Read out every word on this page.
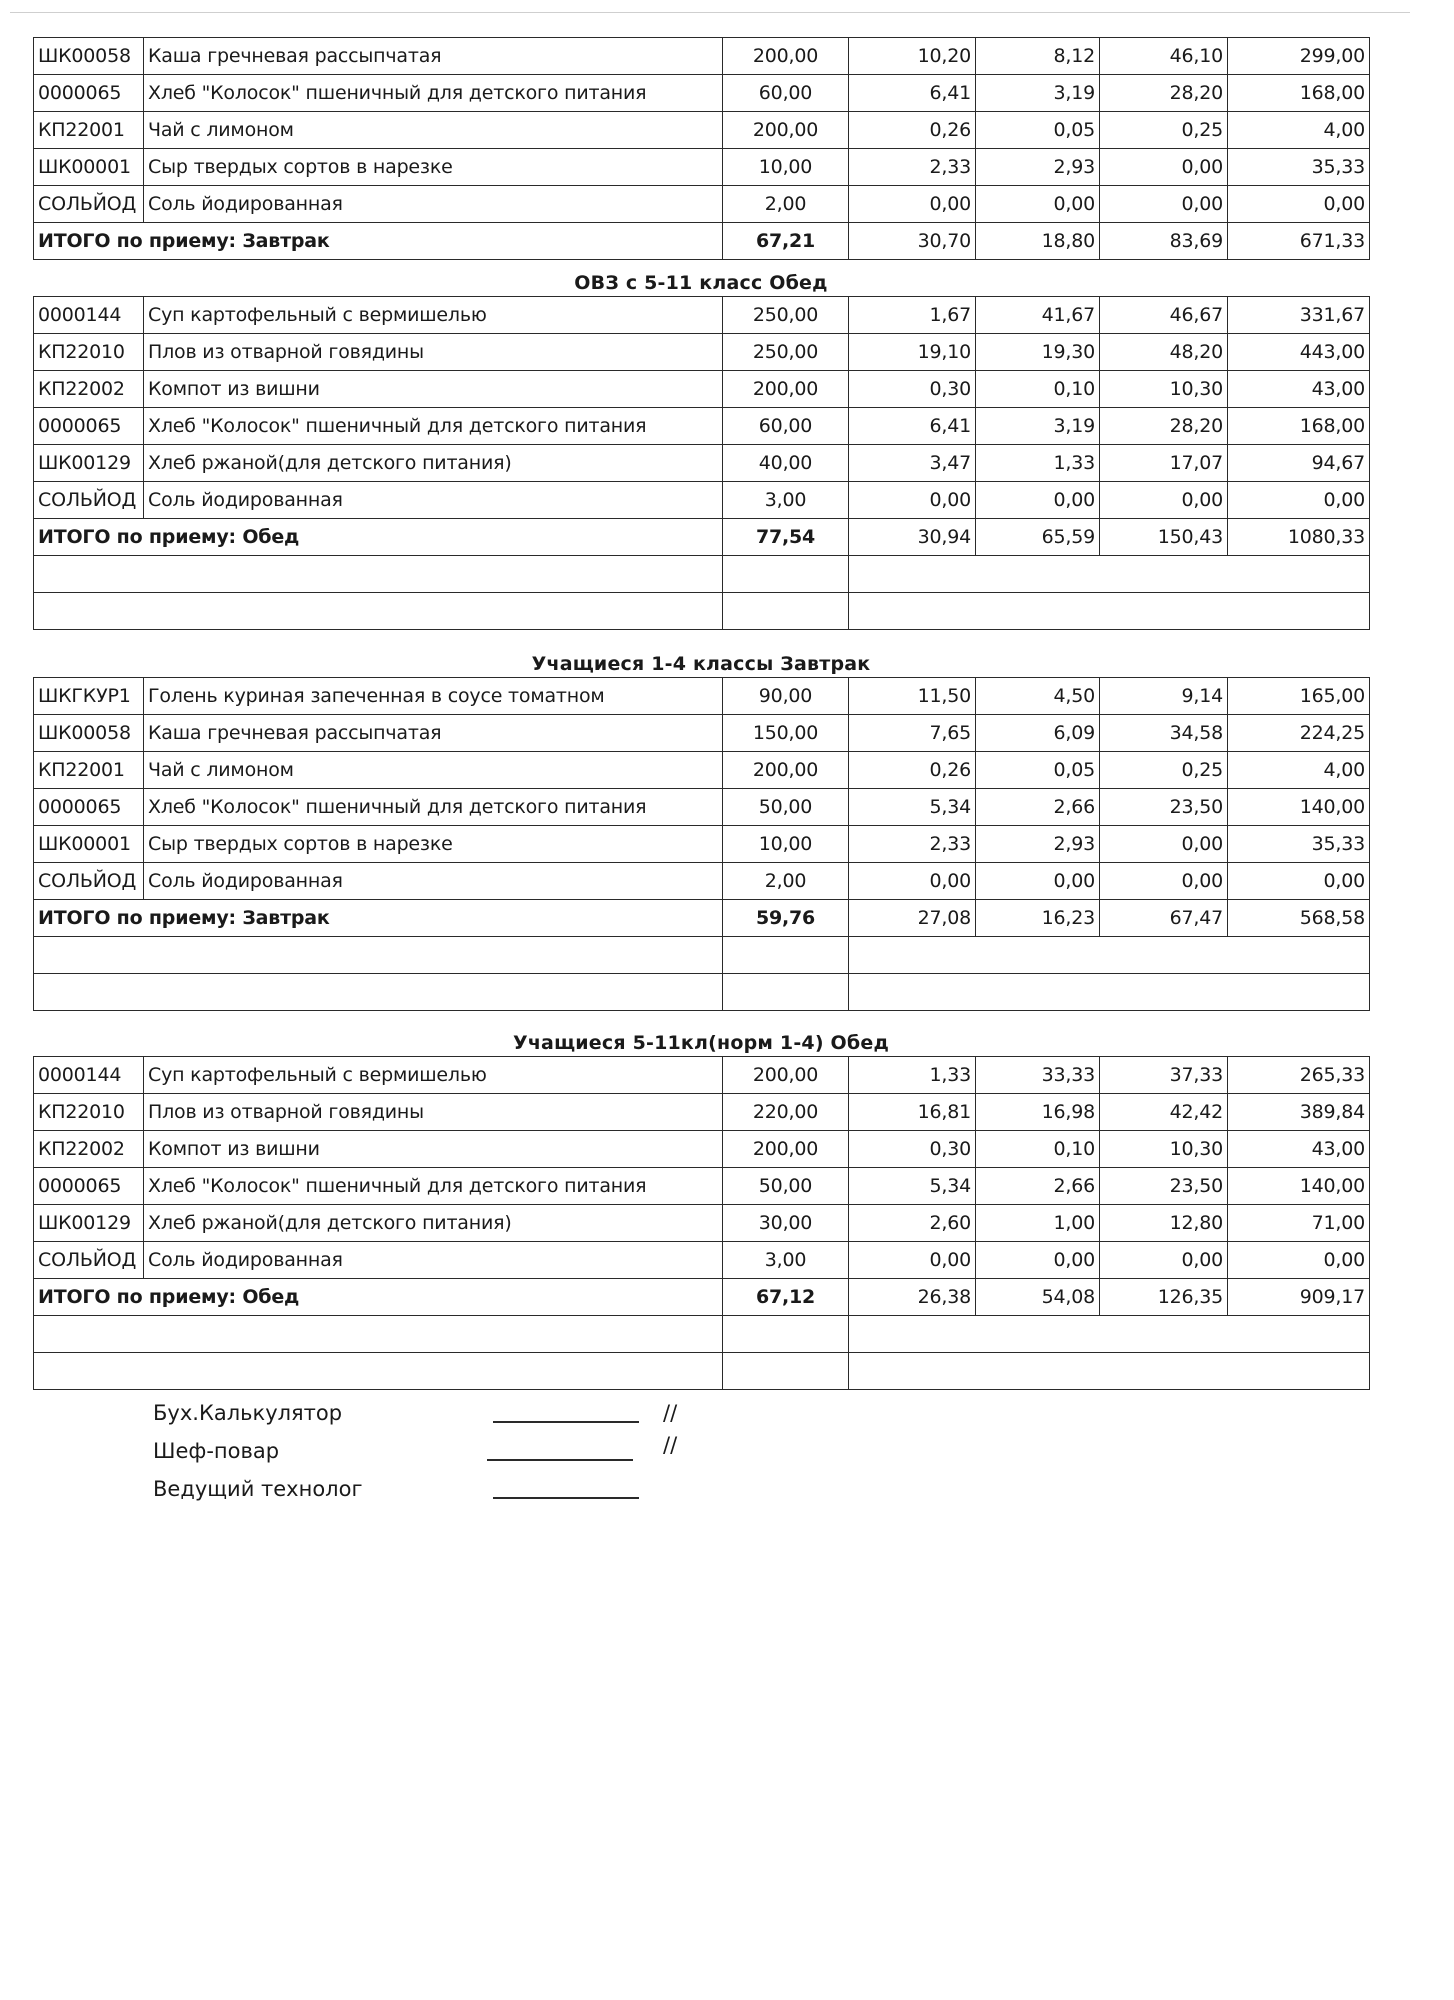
ШК00058	Каша гречневая рассыпчатая	200,00	10,20	8,12	46,10	299,00
0000065	Хлеб "Колосок" пшеничный для детского питания	60,00	6,41	3,19	28,20	168,00
КП22001	Чай с лимоном	200,00	0,26	0,05	0,25	4,00
ШК00001	Сыр твердых сортов в нарезке	10,00	2,33	2,93	0,00	35,33
СОЛЬЙОД	Соль йодированная	2,00	0,00	0,00	0,00	0,00
ИТОГО по приему: Завтрак		67,21	30,70	18,80	83,69	671,33
ОВЗ с 5-11 класс Обед
0000144	Суп картофельный с вермишелью	250,00	1,67	41,67	46,67	331,67
КП22010	Плов из отварной говядины	250,00	19,10	19,30	48,20	443,00
КП22002	Компот из вишни	200,00	0,30	0,10	10,30	43,00
0000065	Хлеб "Колосок" пшеничный для детского питания	60,00	6,41	3,19	28,20	168,00
ШК00129	Хлеб ржаной(для детского питания)	40,00	3,47	1,33	17,07	94,67
СОЛЬЙОД	Соль йодированная	3,00	0,00	0,00	0,00	0,00
ИТОГО по приему: Обед		77,54	30,94	65,59	150,43	1080,33

Учащиеся 1-4 классы Завтрак
ШКГКУР1	Голень куриная запеченная в соусе томатном	90,00	11,50	4,50	9,14	165,00
ШК00058	Каша гречневая рассыпчатая	150,00	7,65	6,09	34,58	224,25
КП22001	Чай с лимоном	200,00	0,26	0,05	0,25	4,00
0000065	Хлеб "Колосок" пшеничный для детского питания	50,00	5,34	2,66	23,50	140,00
ШК00001	Сыр твердых сортов в нарезке	10,00	2,33	2,93	0,00	35,33
СОЛЬЙОД	Соль йодированная	2,00	0,00	0,00	0,00	0,00
ИТОГО по приему: Завтрак		59,76	27,08	16,23	67,47	568,58

Учащиеся 5-11кл(норм 1-4) Обед
0000144	Суп картофельный с вермишелью	200,00	1,33	33,33	37,33	265,33
КП22010	Плов из отварной говядины	220,00	16,81	16,98	42,42	389,84
КП22002	Компот из вишни	200,00	0,30	0,10	10,30	43,00
0000065	Хлеб "Колосок" пшеничный для детского питания	50,00	5,34	2,66	23,50	140,00
ШК00129	Хлеб ржаной(для детского питания)	30,00	2,60	1,00	12,80	71,00
СОЛЬЙОД	Соль йодированная	3,00	0,00	0,00	0,00	0,00
ИТОГО по приему: Обед		67,12	26,38	54,08	126,35	909,17

Бух.Калькулятор	//
Шеф-повар	//
Ведущий технолог
